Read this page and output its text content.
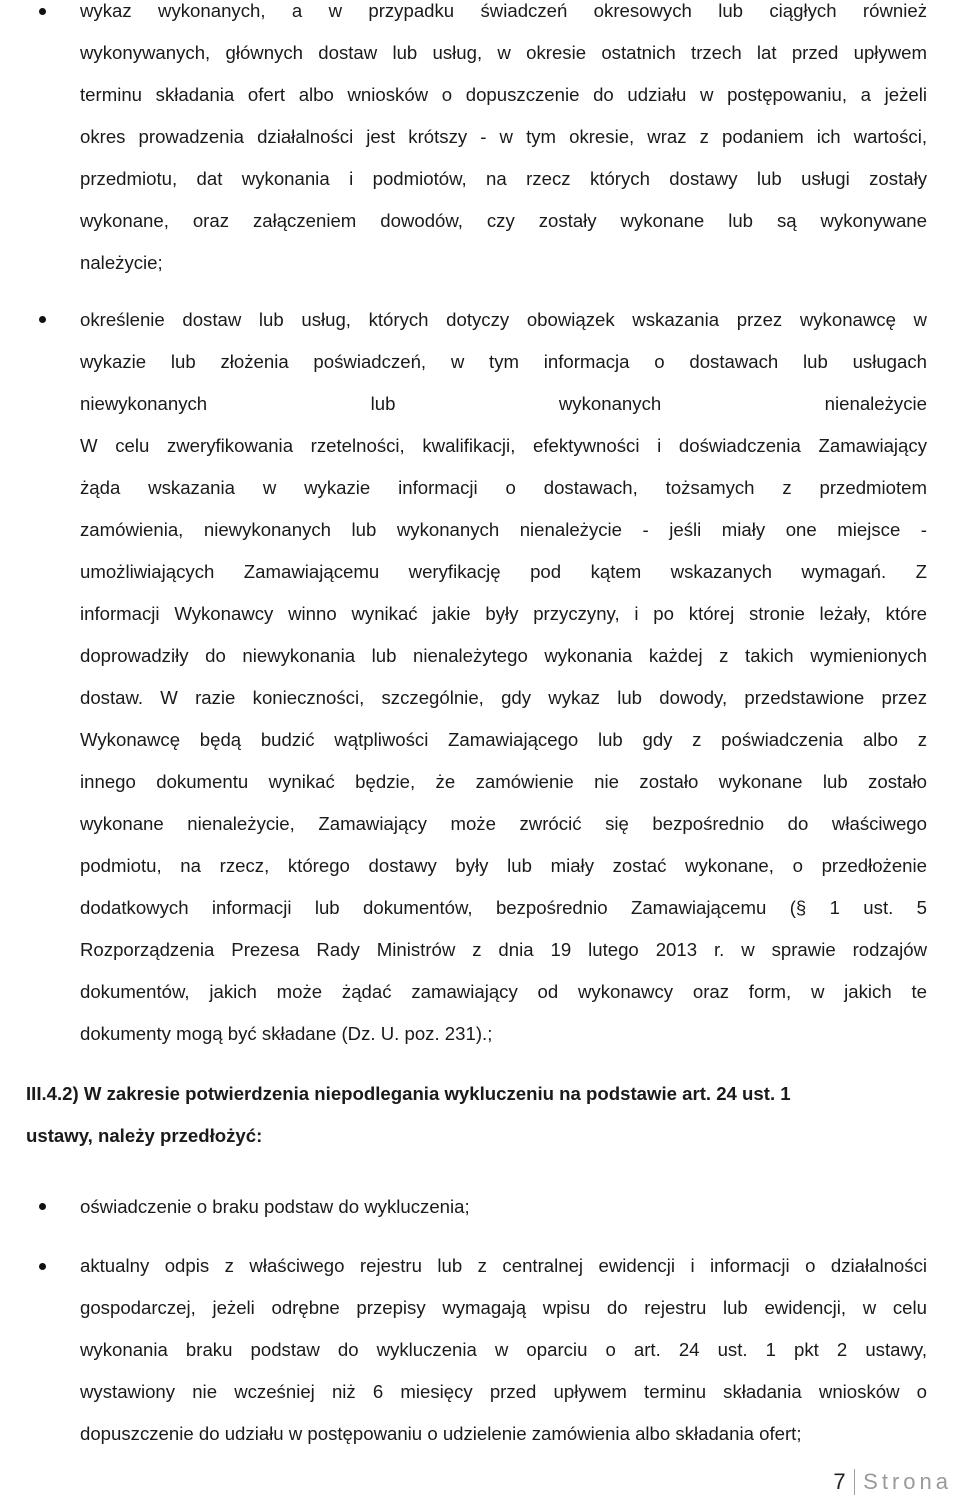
wykaz wykonanych, a w przypadku świadczeń okresowych lub ciągłych również
wykonywanych, głównych dostaw lub usług, w okresie ostatnich trzech lat przed upływem
terminu składania ofert albo wniosków o dopuszczenie do udziału w postępowaniu, a jeżeli
okres prowadzenia działalności jest krótszy - w tym okresie, wraz z podaniem ich wartości,
przedmiotu, dat wykonania i podmiotów, na rzecz których dostawy lub usługi zostały
wykonane, oraz załączeniem dowodów, czy zostały wykonane lub są wykonywane
należycie;
określenie dostaw lub usług, których dotyczy obowiązek wskazania przez wykonawcę w
wykazie lub złożenia poświadczeń, w tym informacja o dostawach lub usługach
niewykonanych lub wykonanych nienależycie
W celu zweryfikowania rzetelności, kwalifikacji, efektywności i doświadczenia Zamawiający
żąda wskazania w wykazie informacji o dostawach, tożsamych z przedmiotem
zamówienia, niewykonanych lub wykonanych nienależycie - jeśli miały one miejsce -
umożliwiających Zamawiającemu weryfikację pod kątem wskazanych wymagań. Z
informacji Wykonawcy winno wynikać jakie były przyczyny, i po której stronie leżały, które
doprowadziły do niewykonania lub nienależytego wykonania każdej z takich wymienionych
dostaw. W razie konieczności, szczególnie, gdy wykaz lub dowody, przedstawione przez
Wykonawcę będą budzić wątpliwości Zamawiającego lub gdy z poświadczenia albo z
innego dokumentu wynikać będzie, że zamówienie nie zostało wykonane lub zostało
wykonane nienależycie, Zamawiający może zwrócić się bezpośrednio do właściwego
podmiotu, na rzecz, którego dostawy były lub miały zostać wykonane, o przedłożenie
dodatkowych informacji lub dokumentów, bezpośrednio Zamawiającemu (§ 1 ust. 5
Rozporządzenia Prezesa Rady Ministrów z dnia 19 lutego 2013 r. w sprawie rodzajów
dokumentów, jakich może żądać zamawiający od wykonawcy oraz form, w jakich te
dokumenty mogą być składane (Dz. U. poz. 231).;
III.4.2) W zakresie potwierdzenia niepodlegania wykluczeniu na podstawie art. 24 ust. 1
ustawy, należy przedłożyć:
oświadczenie o braku podstaw do wykluczenia;
aktualny odpis z właściwego rejestru lub z centralnej ewidencji i informacji o działalności
gospodarczej, jeżeli odrębne przepisy wymagają wpisu do rejestru lub ewidencji, w celu
wykonania braku podstaw do wykluczenia w oparciu o art. 24 ust. 1 pkt 2 ustawy,
wystawiony nie wcześniej niż 6 miesięcy przed upływem terminu składania wniosków o
dopuszczenie do udziału w postępowaniu o udzielenie zamówienia albo składania ofert;
7 Strona
